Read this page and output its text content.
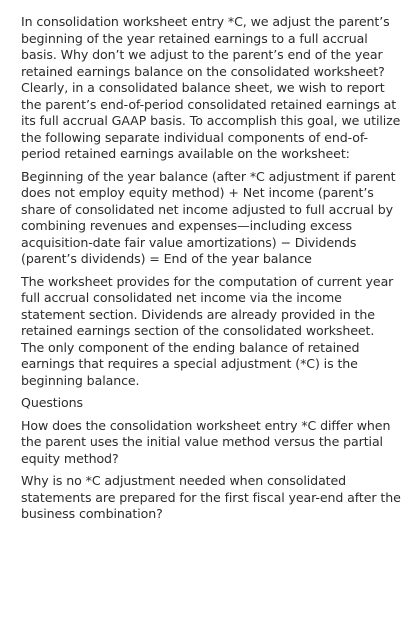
In consolidation worksheet entry *C, we adjust the parent’s beginning of the year retained earnings to a full accrual basis. Why don’t we adjust to the parent’s end of the year retained earnings balance on the consolidated worksheet? Clearly, in a consolidated balance sheet, we wish to report the parent’s end-of-period consolidated retained earnings at its full accrual GAAP basis. To accomplish this goal, we utilize the following separate individual components of end-of-period retained earnings available on the worksheet:

Beginning of the year balance (after *C adjustment if parent does not employ equity method) + Net income (parent’s share of consolidated net income adjusted to full accrual by combining revenues and expenses—including excess acquisition-date fair value amortizations) − Dividends (parent’s dividends) = End of the year balance

The worksheet provides for the computation of current year full accrual consolidated net income via the income statement section. Dividends are already provided in the retained earnings section of the consolidated worksheet. The only component of the ending balance of retained earnings that requires a special adjustment (*C) is the beginning balance.

Questions

How does the consolidation worksheet entry *C differ when the parent uses the initial value method versus the partial equity method?

Why is no *C adjustment needed when consolidated statements are prepared for the first fiscal year-end after the business combination?
